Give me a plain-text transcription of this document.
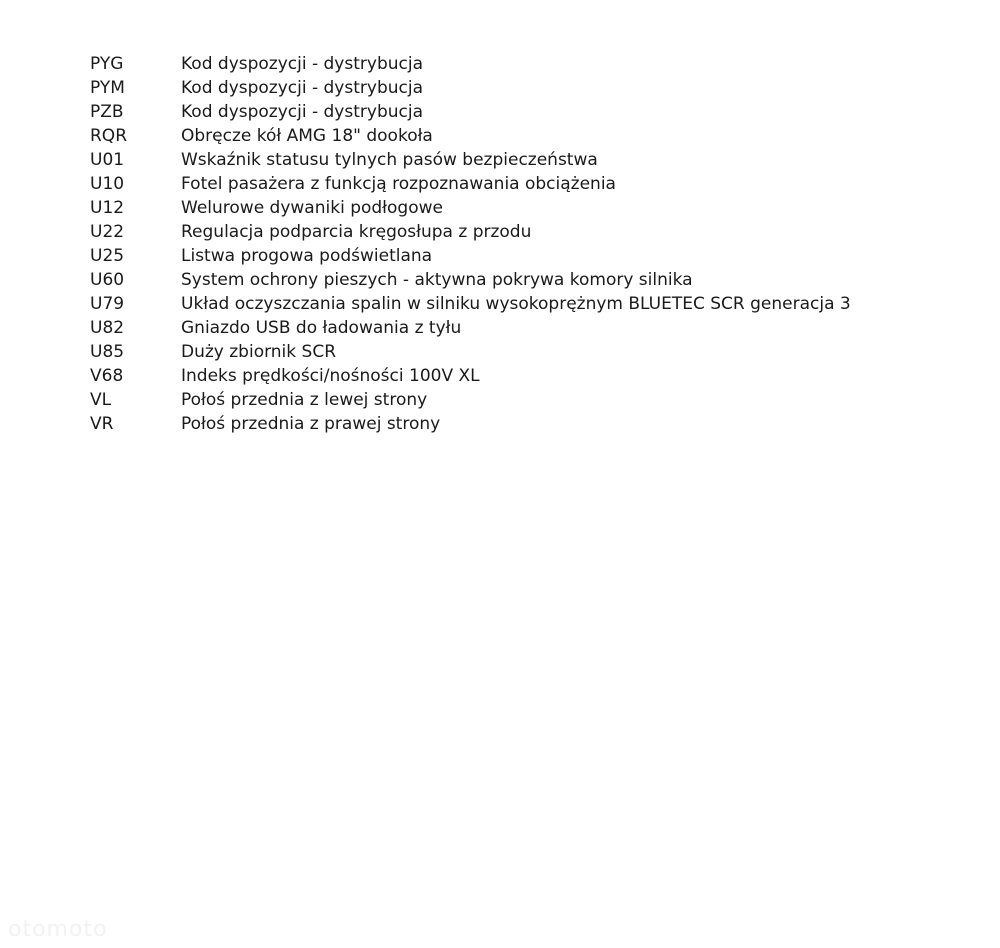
PYG	Kod dyspozycji - dystrybucja
PYM	Kod dyspozycji - dystrybucja
PZB	Kod dyspozycji - dystrybucja
RQR	Obręcze kół AMG 18" dookoła
U01	Wskaźnik statusu tylnych pasów bezpieczeństwa
U10	Fotel pasażera z funkcją rozpoznawania obciążenia
U12	Welurowe dywaniki podłogowe
U22	Regulacja podparcia kręgosłupa z przodu
U25	Listwa progowa podświetlana
U60	System ochrony pieszych - aktywna pokrywa komory silnika
U79	Układ oczyszczania spalin w silniku wysokoprężnym BLUETEC SCR generacja 3
U82	Gniazdo USB do ładowania z tyłu
U85	Duży zbiornik SCR
V68	Indeks prędkości/nośności 100V XL
VL	Połoś przednia z lewej strony
VR	Połoś przednia z prawej strony
otomoto
